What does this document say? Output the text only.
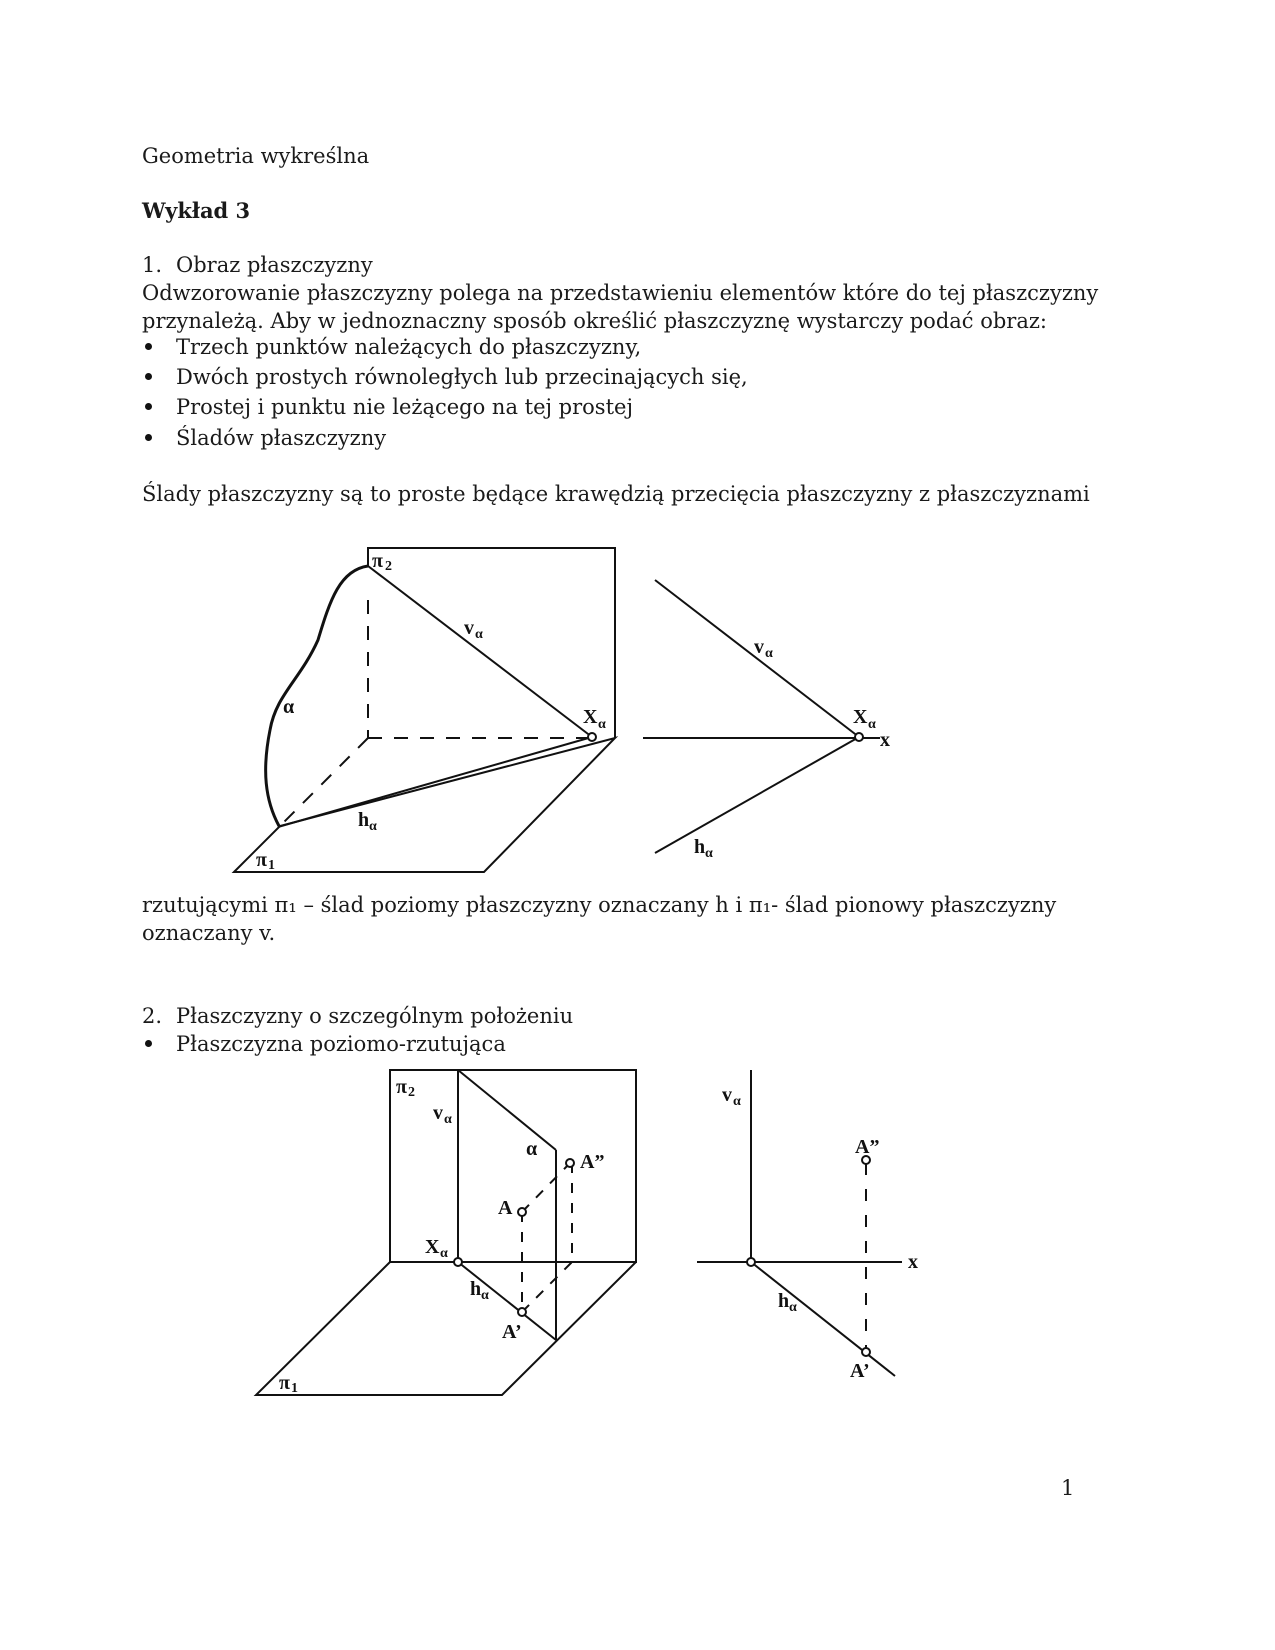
Geometria wykreślna
Wykład 3
1. Obraz płaszczyzny
Odwzorowanie płaszczyzny polega na przedstawieniu elementów które do tej płaszczyzny
przynależą. Aby w jednoznaczny sposób określić płaszczyznę wystarczy podać obraz:
Trzech punktów należących do płaszczyzny,
Dwóch prostych równoległych lub przecinających się,
Prostej i punktu nie leżącego na tej prostej
Śladów płaszczyzny
Ślady płaszczyzny są to proste będące krawędzią przecięcia płaszczyzny z płaszczyznami
rzutującymi π₁ – ślad poziomy płaszczyzny oznaczany h i π₁- ślad pionowy płaszczyzny
oznaczany v.
2. Płaszczyzny o szczególnym położeniu
Płaszczyzna poziomo-rzutująca
1
π 2
v α
α	X α
h α
π 1
v α
X α
x
h α
π 2
v α
α
A”
A
X α
h α
A’
π 1
v α
A”
x
h α
A’
